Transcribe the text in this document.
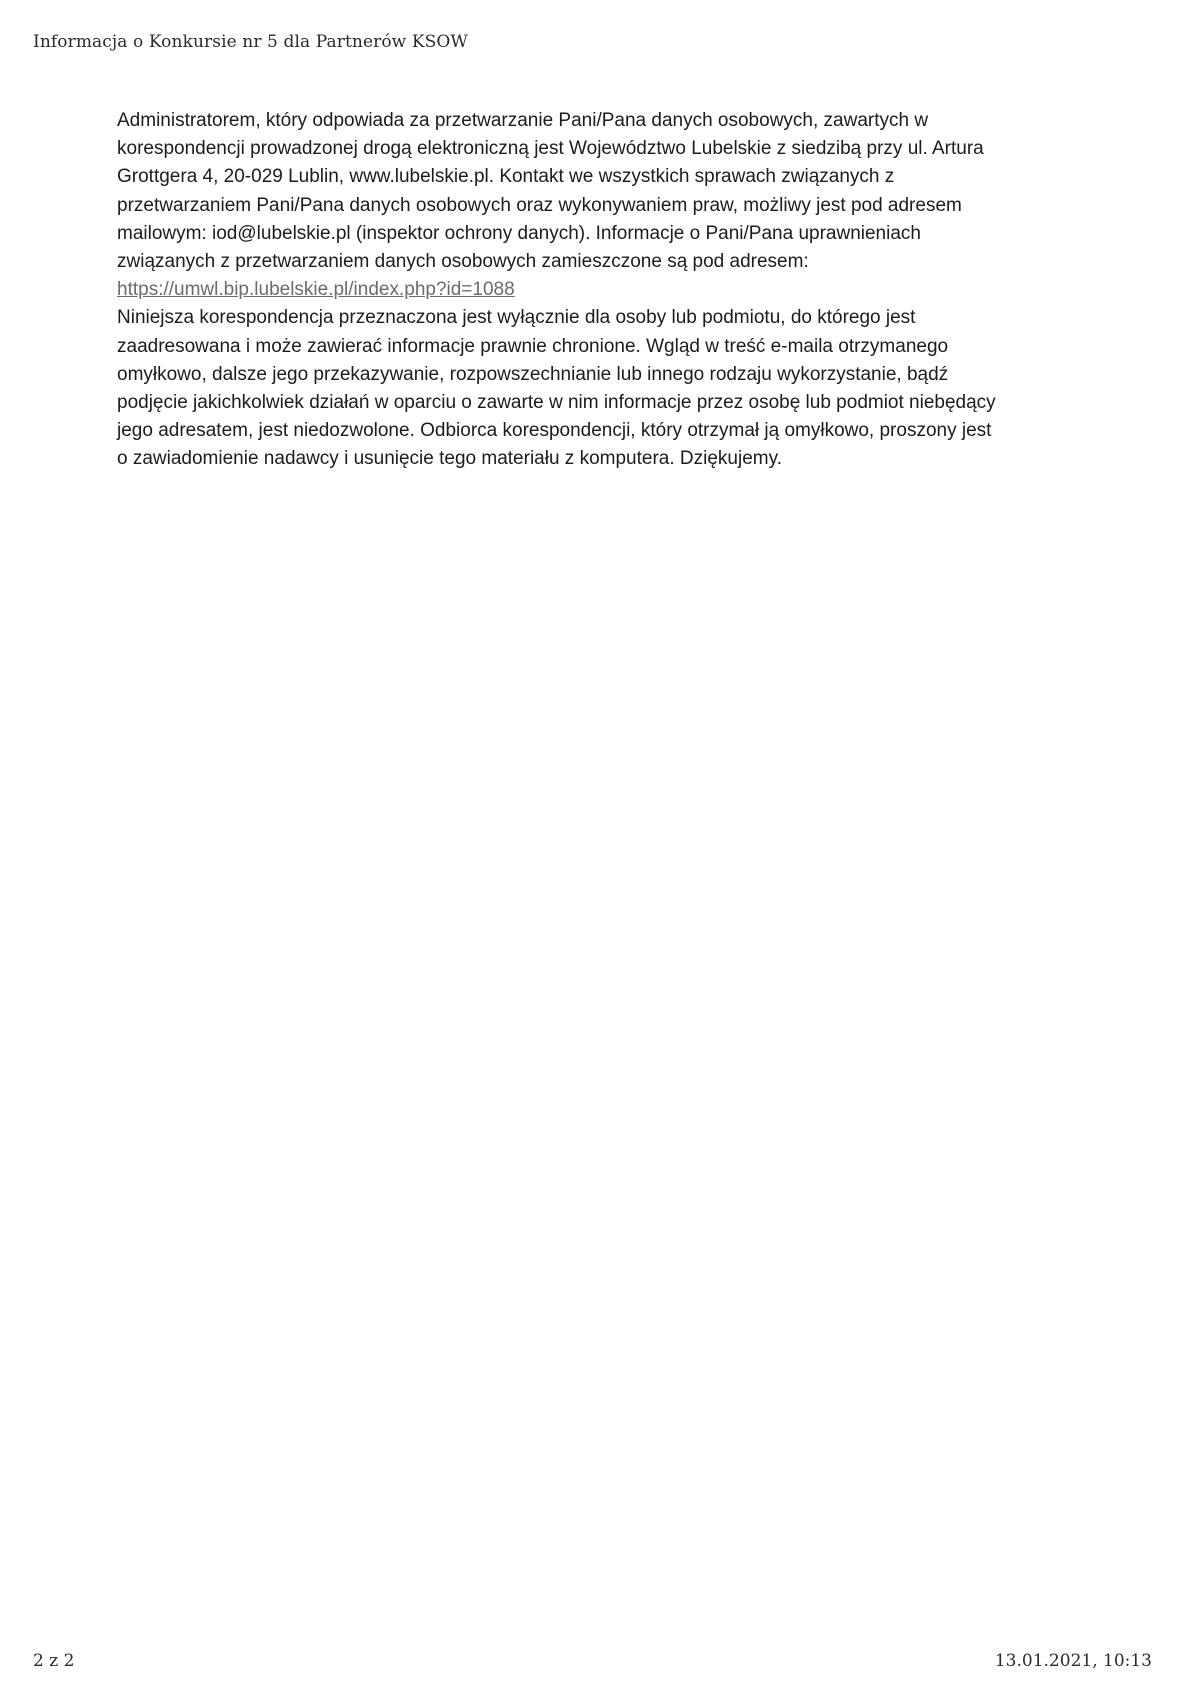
Informacja o Konkursie nr 5 dla Partnerów KSOW

Administratorem, który odpowiada za przetwarzanie Pani/Pana danych osobowych, zawartych w
korespondencji prowadzonej drogą elektroniczną jest Województwo Lubelskie z siedzibą przy ul. Artura
Grottgera 4, 20-029 Lublin, www.lubelskie.pl. Kontakt we wszystkich sprawach związanych z
przetwarzaniem Pani/Pana danych osobowych oraz wykonywaniem praw, możliwy jest pod adresem
mailowym: iod@lubelskie.pl (inspektor ochrony danych). Informacje o Pani/Pana uprawnieniach
związanych z przetwarzaniem danych osobowych zamieszczone są pod adresem:
https://umwl.bip.lubelskie.pl/index.php?id=1088

Niniejsza korespondencja przeznaczona jest wyłącznie dla osoby lub podmiotu, do którego jest
zaadresowana i może zawierać informacje prawnie chronione. Wgląd w treść e-maila otrzymanego
omyłkowo, dalsze jego przekazywanie, rozpowszechnianie lub innego rodzaju wykorzystanie, bądź
podjęcie jakichkolwiek działań w oparciu o zawarte w nim informacje przez osobę lub podmiot niebędący
jego adresatem, jest niedozwolone. Odbiorca korespondencji, który otrzymał ją omyłkowo, proszony jest
o zawiadomienie nadawcy i usunięcie tego materiału z komputera. Dziękujemy.

2 z 2	13.01.2021, 10:13
